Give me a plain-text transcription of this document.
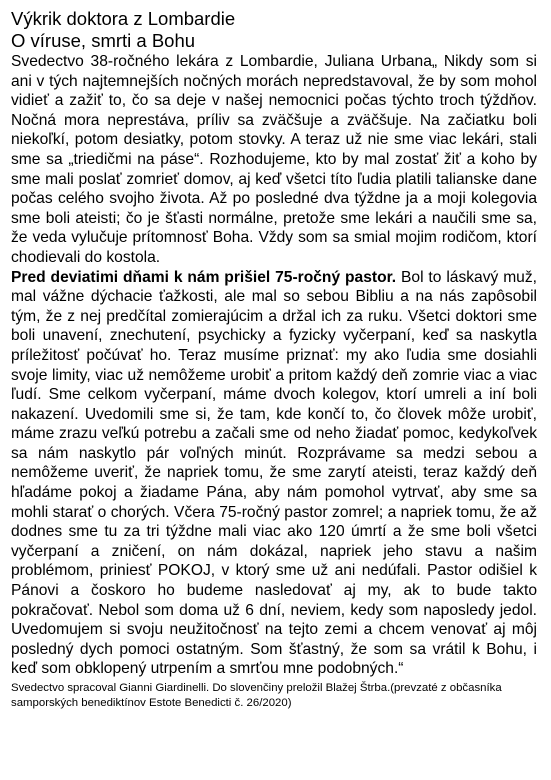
Výkrik doktora z Lombardie
O víruse, smrti a Bohu

Svedectvo 38-ročného lekára z Lombardie, Juliana Urbana„ Nikdy som si ani v tých najtemnejších nočných morách nepredstavoval, že by som mohol vidieť a zažiť to, čo sa deje v našej nemocnici počas týchto troch týždňov. Nočná mora neprestáva, príliv sa zväčšuje a zväčšuje. Na začiatku boli niekoľkí, potom desiatky, potom stovky. A teraz už nie sme viac lekári, stali sme sa „triedičmi na páse“. Rozhodujeme, kto by mal zostať žiť a koho by sme mali poslať zomrieť domov, aj keď všetci títo ľudia platili talianske dane počas celého svojho života. Až po posledné dva týždne ja a moji kolegovia sme boli ateisti; čo je šťasti normálne, pretože sme lekári a naučili sme sa, že veda vylučuje prítomnosť Boha. Vždy som sa smial mojim rodičom, ktorí chodievali do kostola.

Pred deviatimi dňami k nám prišiel 75-ročný pastor. Bol to láskavý muž, mal vážne dýchacie ťažkosti, ale mal so sebou Bibliu a na nás zapôsobil tým, že z nej predčítal zomierajúcim a držal ich za ruku. Všetci doktori sme boli unavení, znechutení, psychicky a fyzicky vyčerpaní, keď sa naskytla príležitosť počúvať ho. Teraz musíme priznať: my ako ľudia sme dosiahli svoje limity, viac už nemôžeme urobiť a pritom každý deň zomrie viac a viac ľudí. Sme celkom vyčerpaní, máme dvoch kolegov, ktorí umreli a iní boli nakazení. Uvedomili sme si, že tam, kde končí to, čo človek môže urobiť, máme zrazu veľkú potrebu a začali sme od neho žiadať pomoc, kedykoľvek sa nám naskytlo pár voľných minút. Rozprávame sa medzi sebou a nemôžeme uveriť, že napriek tomu, že sme zarytí ateisti, teraz každý deň hľadáme pokoj a žiadame Pána, aby nám pomohol vytrvať, aby sme sa mohli starať o chorých. Včera 75-ročný pastor zomrel; a napriek tomu, že až dodnes sme tu za tri týždne mali viac ako 120 úmrtí a že sme boli všetci vyčerpaní a zničení, on nám dokázal, napriek jeho stavu a našim problémom, priniesť POKOJ, v ktorý sme už ani nedúfali. Pastor odišiel k Pánovi a čoskoro ho budeme nasledovať aj my, ak to bude takto pokračovať. Nebol som doma už 6 dní, neviem, kedy som naposledy jedol. Uvedomujem si svoju neužitočnosť na tejto zemi a chcem venovať aj môj posledný dych pomoci ostatným. Som šťastný, že som sa vrátil k Bohu, i keď som obklopený utrpením a smrťou mne podobných.“

Svedectvo spracoval Gianni Giardinelli. Do slovenčiny preložil Blažej Štrba.(prevzaté z občasníka samporských benediktínov Estote Benedicti č. 26/2020)
